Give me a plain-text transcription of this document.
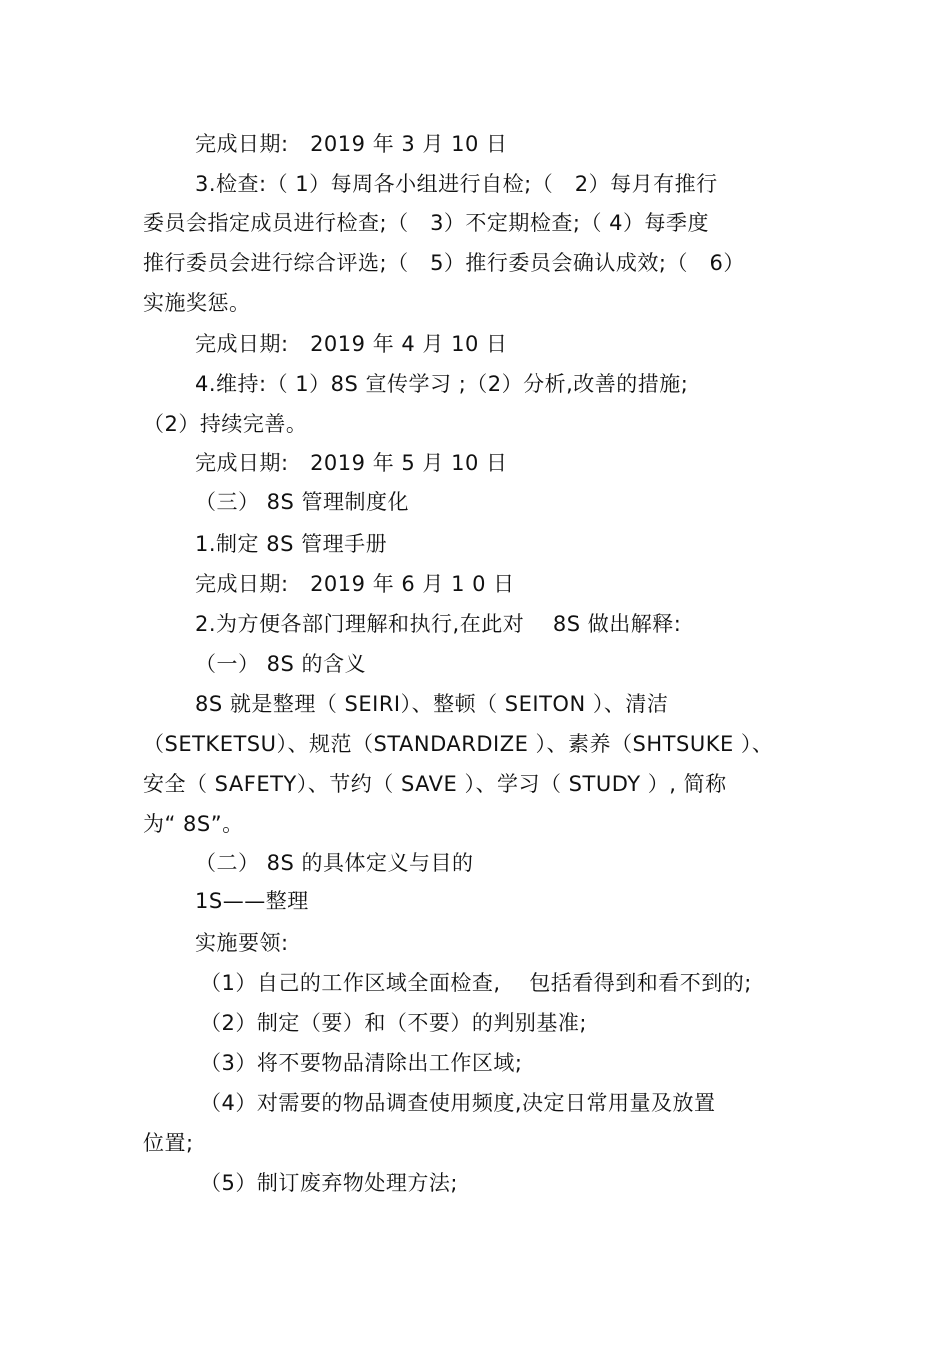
完成日期:　2019 年 3 月 10 日
3.检查:（ 1）每周各小组进行自检;（　2）每月有推行
委员会指定成员进行检查;（　3）不定期检查;（ 4）每季度
推行委员会进行综合评选;（　5）推行委员会确认成效;（　6）
实施奖惩。
完成日期:　2019 年 4 月 10 日
4.维持:（ 1）8S 宣传学习 ;（2）分析,改善的措施;
（2）持续完善。
完成日期:　2019 年 5 月 10 日
（三） 8S 管理制度化
1.制定 8S 管理手册
完成日期:　2019 年 6 月 1 0 日
2.为方便各部门理解和执行,在此对　 8S 做出解释:
（一） 8S 的含义
8S 就是整理（ SEIRI）、整顿（ SEITON ）、清洁
（SETKETSU）、规范（STANDARDIZE ）、素养（SHTSUKE ）、
安全（ SAFETY）、节约（ SAVE ）、学习（ STUDY ）, 简称
为“ 8S”。
（二） 8S 的具体定义与目的
1S——整理
实施要领:
（1）自己的工作区域全面检查,　 包括看得到和看不到的;
（2）制定（要）和（不要）的判别基准;
（3）将不要物品清除出工作区域;
（4）对需要的物品调查使用频度,决定日常用量及放置
位置;
（5）制订废弃物处理方法;
